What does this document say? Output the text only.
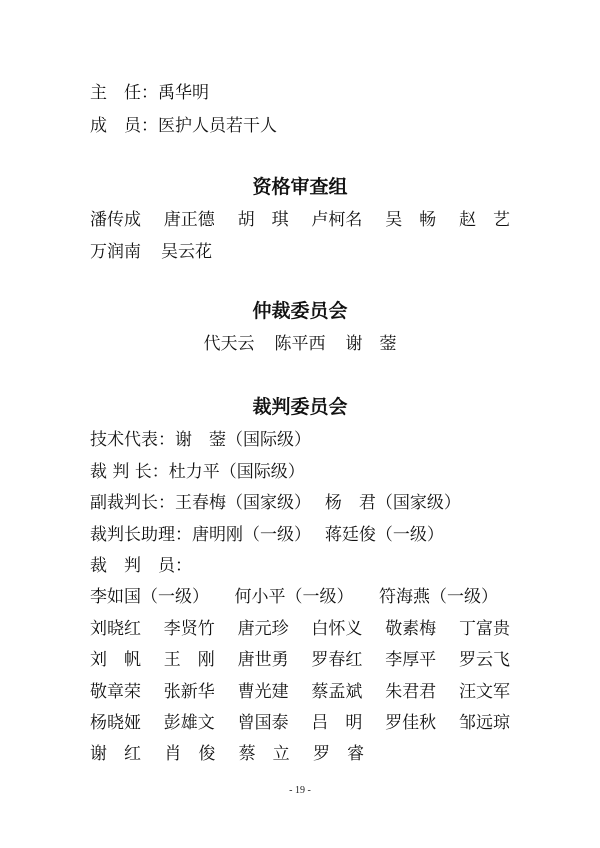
主　任：禹华明
成　员：医护人员若干人
资格审查组
潘传成 唐正德 胡　琪 卢柯名 吴　畅 赵　艺
万润南 吴云花
仲裁委员会
代天云 陈平西 谢　蓥
裁判委员会
技术代表：谢　蓥（国际级）
裁 判 长：杜力平（国际级）
副裁判长：王春梅（国家级）　 杨　君（国家级）
裁判长助理：唐明刚（一级）　 蒋廷俊（一级）
裁　判　员：
李如国（一级） 何小平（一级） 符海燕（一级）
刘晓红 李贤竹 唐元珍 白怀义 敬素梅 丁富贵
刘　帆 王　刚 唐世勇 罗春红 李厚平 罗云飞
敬章荣 张新华 曹光建 蔡孟斌 朱君君 汪文军
杨晓娅 彭雄文 曾国泰 吕　明 罗佳秋 邹远琼
谢　红 肖　俊 蔡　立 罗　睿
- 19 -
